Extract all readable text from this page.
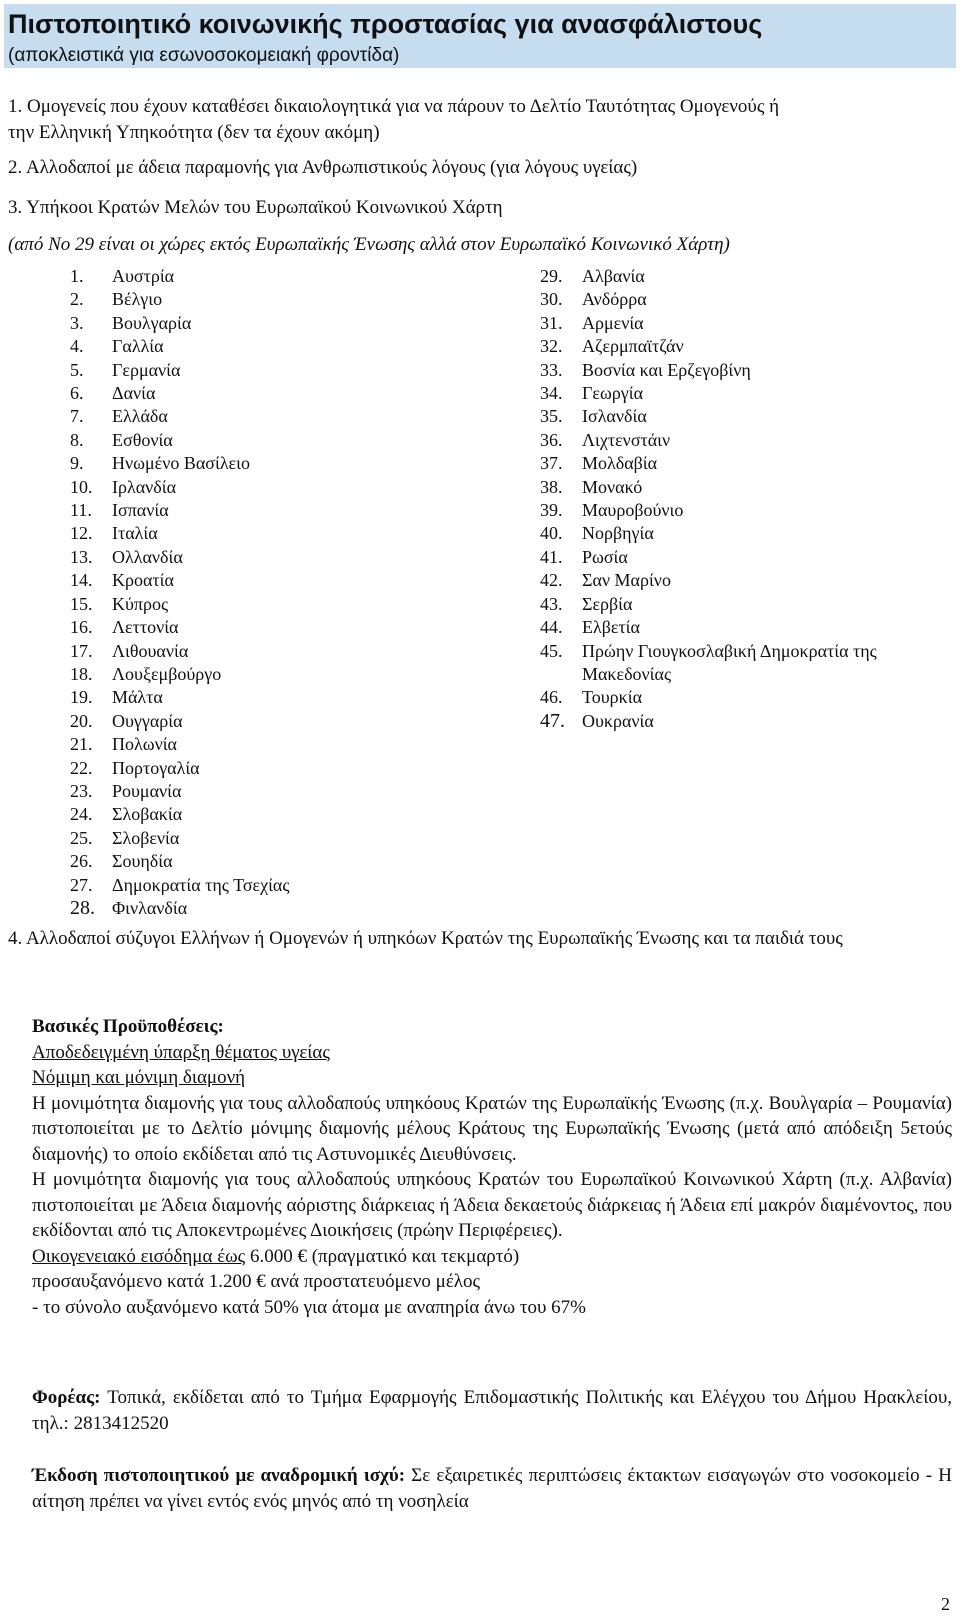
Πιστοποιητικό κοινωνικής προστασίας για ανασφάλιστους
(αποκλειστικά για εσωνοσοκομειακή φροντίδα)
1. Ομογενείς που έχουν καταθέσει δικαιολογητικά για να πάρουν το Δελτίο Ταυτότητας Ομογενούς ή
την Ελληνική Υπηκοότητα (δεν τα έχουν ακόμη)
2. Αλλοδαποί με άδεια παραμονής για Ανθρωπιστικούς λόγους (για λόγους υγείας)
3. Υπήκοοι Κρατών Μελών του Ευρωπαϊκού Κοινωνικού Χάρτη
(από Νο 29 είναι οι χώρες εκτός Ευρωπαϊκής Ένωσης αλλά στον Ευρωπαϊκό Κοινωνικό Χάρτη)
1. Αυστρία
2. Βέλγιο
3. Βουλγαρία
4. Γαλλία
5. Γερμανία
6. Δανία
7. Ελλάδα
8. Εσθονία
9. Ηνωμένο Βασίλειο
10. Ιρλανδία
11. Ισπανία
12. Ιταλία
13. Ολλανδία
14. Κροατία
15. Κύπρος
16. Λεττονία
17. Λιθουανία
18. Λουξεμβούργο
19. Μάλτα
20. Ουγγαρία
21. Πολωνία
22. Πορτογαλία
23. Ρουμανία
24. Σλοβακία
25. Σλοβενία
26. Σουηδία
27. Δημοκρατία της Τσεχίας
28. Φινλανδία
29. Αλβανία
30. Ανδόρρα
31. Αρμενία
32. Αζερμπαϊτζάν
33. Βοσνία και Ερζεγοβίνη
34. Γεωργία
35. Ισλανδία
36. Λιχτενστάιν
37. Μολδαβία
38. Μονακό
39. Μαυροβούνιο
40. Νορβηγία
41. Ρωσία
42. Σαν Μαρίνο
43. Σερβία
44. Ελβετία
45. Πρώην Γιουγκοσλαβική Δημοκρατία της Μακεδονίας
46. Τουρκία
47. Ουκρανία
4. Αλλοδαποί σύζυγοι Ελλήνων ή Ομογενών ή υπηκόων Κρατών της Ευρωπαϊκής Ένωσης και τα παιδιά τους
Βασικές Προϋποθέσεις:
Αποδεδειγμένη ύπαρξη θέματος υγείας
Νόμιμη και μόνιμη διαμονή
Η μονιμότητα διαμονής για τους αλλοδαπούς υπηκόους Κρατών της Ευρωπαϊκής Ένωσης (π.χ. Βουλγαρία – Ρουμανία) πιστοποιείται με το Δελτίο μόνιμης διαμονής μέλους Κράτους της Ευρωπαϊκής Ένωσης (μετά από απόδειξη 5ετούς διαμονής) το οποίο εκδίδεται από τις Αστυνομικές Διευθύνσεις.
Η μονιμότητα διαμονής για τους αλλοδαπούς υπηκόους Κρατών του Ευρωπαϊκού Κοινωνικού Χάρτη (π.χ. Αλβανία) πιστοποιείται με Άδεια διαμονής αόριστης διάρκειας ή Άδεια δεκαετούς διάρκειας ή Άδεια επί μακρόν διαμένοντος, που εκδίδονται από τις Αποκεντρωμένες Διοικήσεις (πρώην Περιφέρειες).
Οικογενειακό εισόδημα έως 6.000 € (πραγματικό και τεκμαρτό)
προσαυξανόμενο κατά 1.200 € ανά προστατευόμενο μέλος
- το σύνολο αυξανόμενο κατά 50% για άτομα με αναπηρία άνω του 67%
Φορέας: Τοπικά, εκδίδεται από το Τμήμα Εφαρμογής Επιδομαστικής Πολιτικής και Ελέγχου του Δήμου Ηρακλείου, τηλ.: 2813412520
Έκδοση πιστοποιητικού με αναδρομική ισχύ: Σε εξαιρετικές περιπτώσεις έκτακτων εισαγωγών στο νοσοκομείο - Η αίτηση πρέπει να γίνει εντός ενός μηνός από τη νοσηλεία
2
